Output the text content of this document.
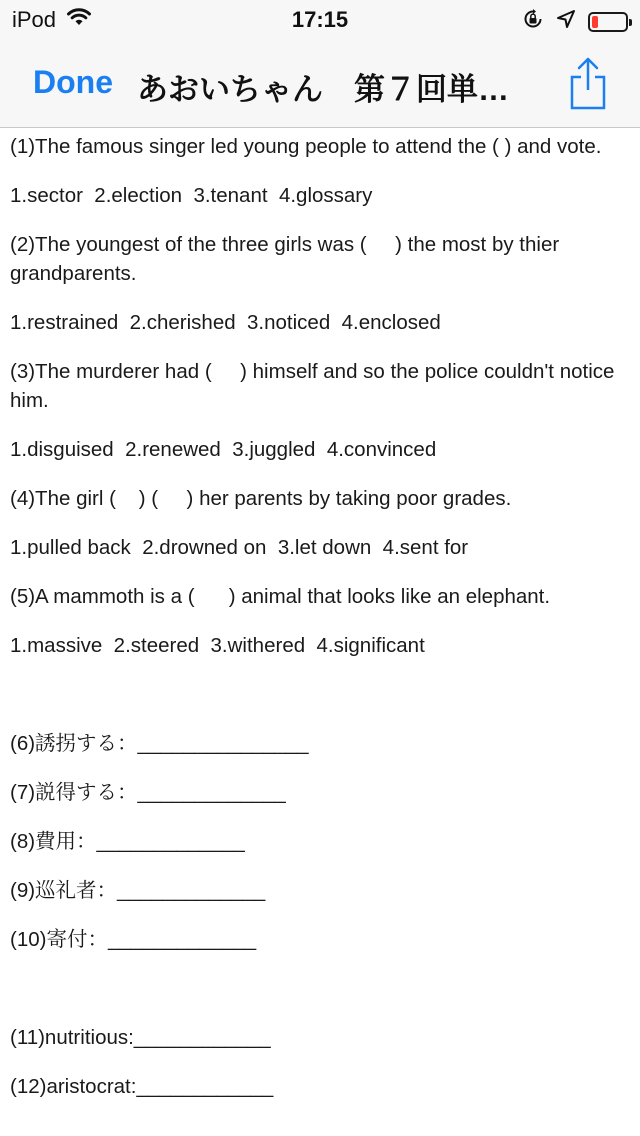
iPod	17:15
Done あおいちゃん　第７回単…

(1)The famous singer led young people to attend the ( ) and vote.

1.sector  2.election  3.tenant  4.glossary

(2)The youngest of the three girls was (     ) the most by thier grandparents.

1.restrained  2.cherished  3.noticed  4.enclosed

(3)The murderer had (     ) himself and so the police couldn't notice him.

1.disguised  2.renewed  3.juggled  4.convinced

(4)The girl (    ) (     ) her parents by taking poor grades.

1.pulled back  2.drowned on  3.let down  4.sent for

(5)A mammoth is a (      ) animal that looks like an elephant.

1.massive  2.steered  3.withered  4.significant

(6)誘拐する：_______________

(7)説得する：_____________

(8)費用：_____________

(9)巡礼者：_____________

(10)寄付：_____________

(11)nutritious:____________

(12)aristocrat:____________
